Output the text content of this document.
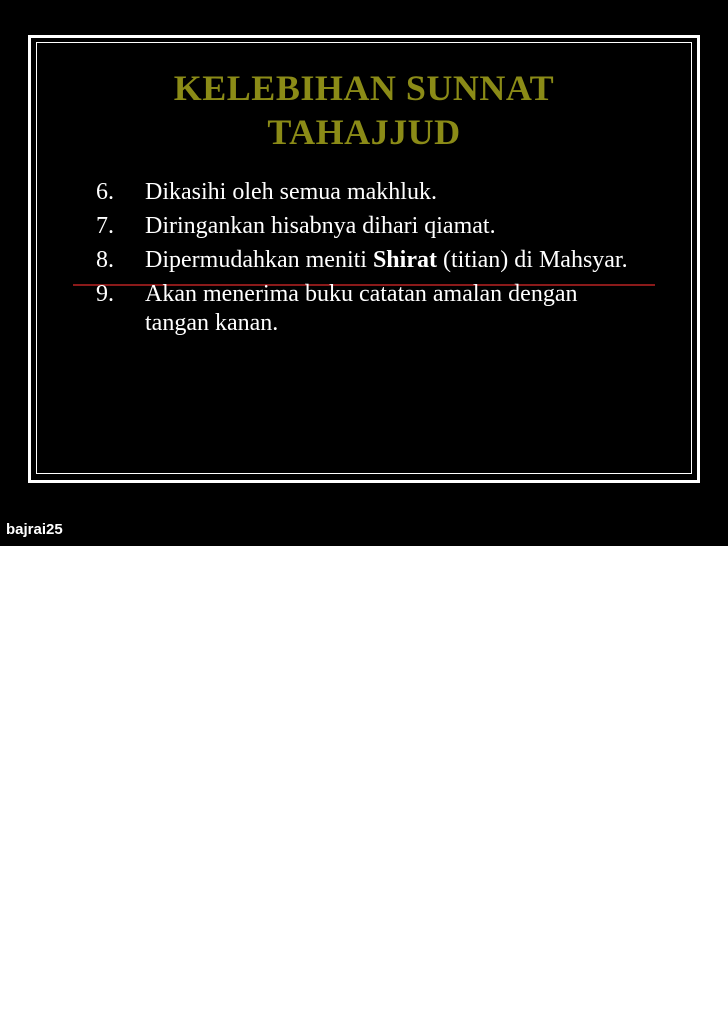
KELEBIHAN SUNNAT
TAHAJJUD
6. Dikasihi oleh semua makhluk.
7. Diringankan hisabnya dihari qiamat.
8. Dipermudahkan meniti Shirat (titian) di Mahsyar.
9. Akan menerima buku catatan amalan dengan tangan kanan.
bajrai25
